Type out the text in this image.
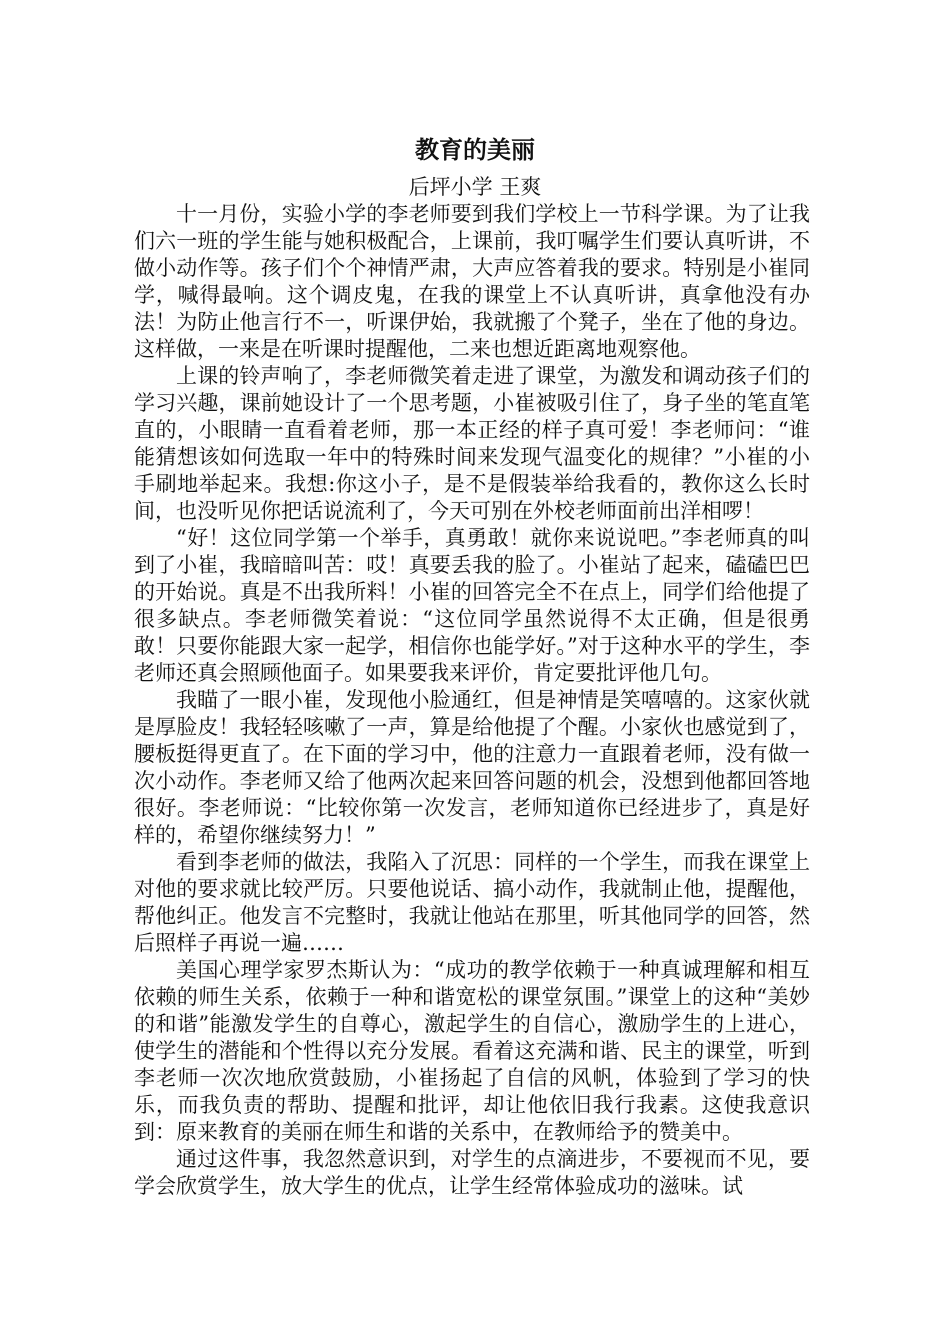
教育的美丽
后坪小学 王爽

十一月份，实验小学的李老师要到我们学校上一节科学课。为了让我们六一班的学生能与她积极配合，上课前，我叮嘱学生们要认真听讲，不做小动作等。孩子们个个神情严肃，大声应答着我的要求。特别是小崔同学，喊得最响。这个调皮鬼，在我的课堂上不认真听讲，真拿他没有办法！为防止他言行不一，听课伊始，我就搬了个凳子，坐在了他的身边。这样做，一来是在听课时提醒他，二来也想近距离地观察他。

上课的铃声响了，李老师微笑着走进了课堂，为激发和调动孩子们的学习兴趣，课前她设计了一个思考题，小崔被吸引住了，身子坐的笔直笔直的，小眼睛一直看着老师，那一本正经的样子真可爱！李老师问：“谁能猜想该如何选取一年中的特殊时间来发现气温变化的规律？”小崔的小手刷地举起来。我想:你这小子，是不是假装举给我看的，教你这么长时间，也没听见你把话说流利了，今天可别在外校老师面前出洋相啰！

“好！这位同学第一个举手，真勇敢！就你来说说吧。”李老师真的叫到了小崔，我暗暗叫苦：哎！真要丢我的脸了。小崔站了起来，磕磕巴巴的开始说。真是不出我所料！小崔的回答完全不在点上，同学们给他提了很多缺点。李老师微笑着说：“这位同学虽然说得不太正确，但是很勇敢！只要你能跟大家一起学，相信你也能学好。”对于这种水平的学生，李老师还真会照顾他面子。如果要我来评价，肯定要批评他几句。

我瞄了一眼小崔，发现他小脸通红，但是神情是笑嘻嘻的。这家伙就是厚脸皮！我轻轻咳嗽了一声，算是给他提了个醒。小家伙也感觉到了，腰板挺得更直了。在下面的学习中，他的注意力一直跟着老师，没有做一次小动作。李老师又给了他两次起来回答问题的机会，没想到他都回答地很好。李老师说：“比较你第一次发言，老师知道你已经进步了，真是好样的，希望你继续努力！”

看到李老师的做法，我陷入了沉思：同样的一个学生，而我在课堂上对他的要求就比较严厉。只要他说话、搞小动作，我就制止他，提醒他，帮他纠正。他发言不完整时，我就让他站在那里，听其他同学的回答，然后照样子再说一遍……

美国心理学家罗杰斯认为：“成功的教学依赖于一种真诚理解和相互依赖的师生关系，依赖于一种和谐宽松的课堂氛围。”课堂上的这种“美妙的和谐”能激发学生的自尊心，激起学生的自信心，激励学生的上进心，使学生的潜能和个性得以充分发展。看着这充满和谐、民主的课堂，听到李老师一次次地欣赏鼓励，小崔扬起了自信的风帆，体验到了学习的快乐，而我负责的帮助、提醒和批评，却让他依旧我行我素。这使我意识到：原来教育的美丽在师生和谐的关系中，在教师给予的赞美中。

通过这件事，我忽然意识到，对学生的点滴进步，不要视而不见，要学会欣赏学生，放大学生的优点，让学生经常体验成功的滋味。试
